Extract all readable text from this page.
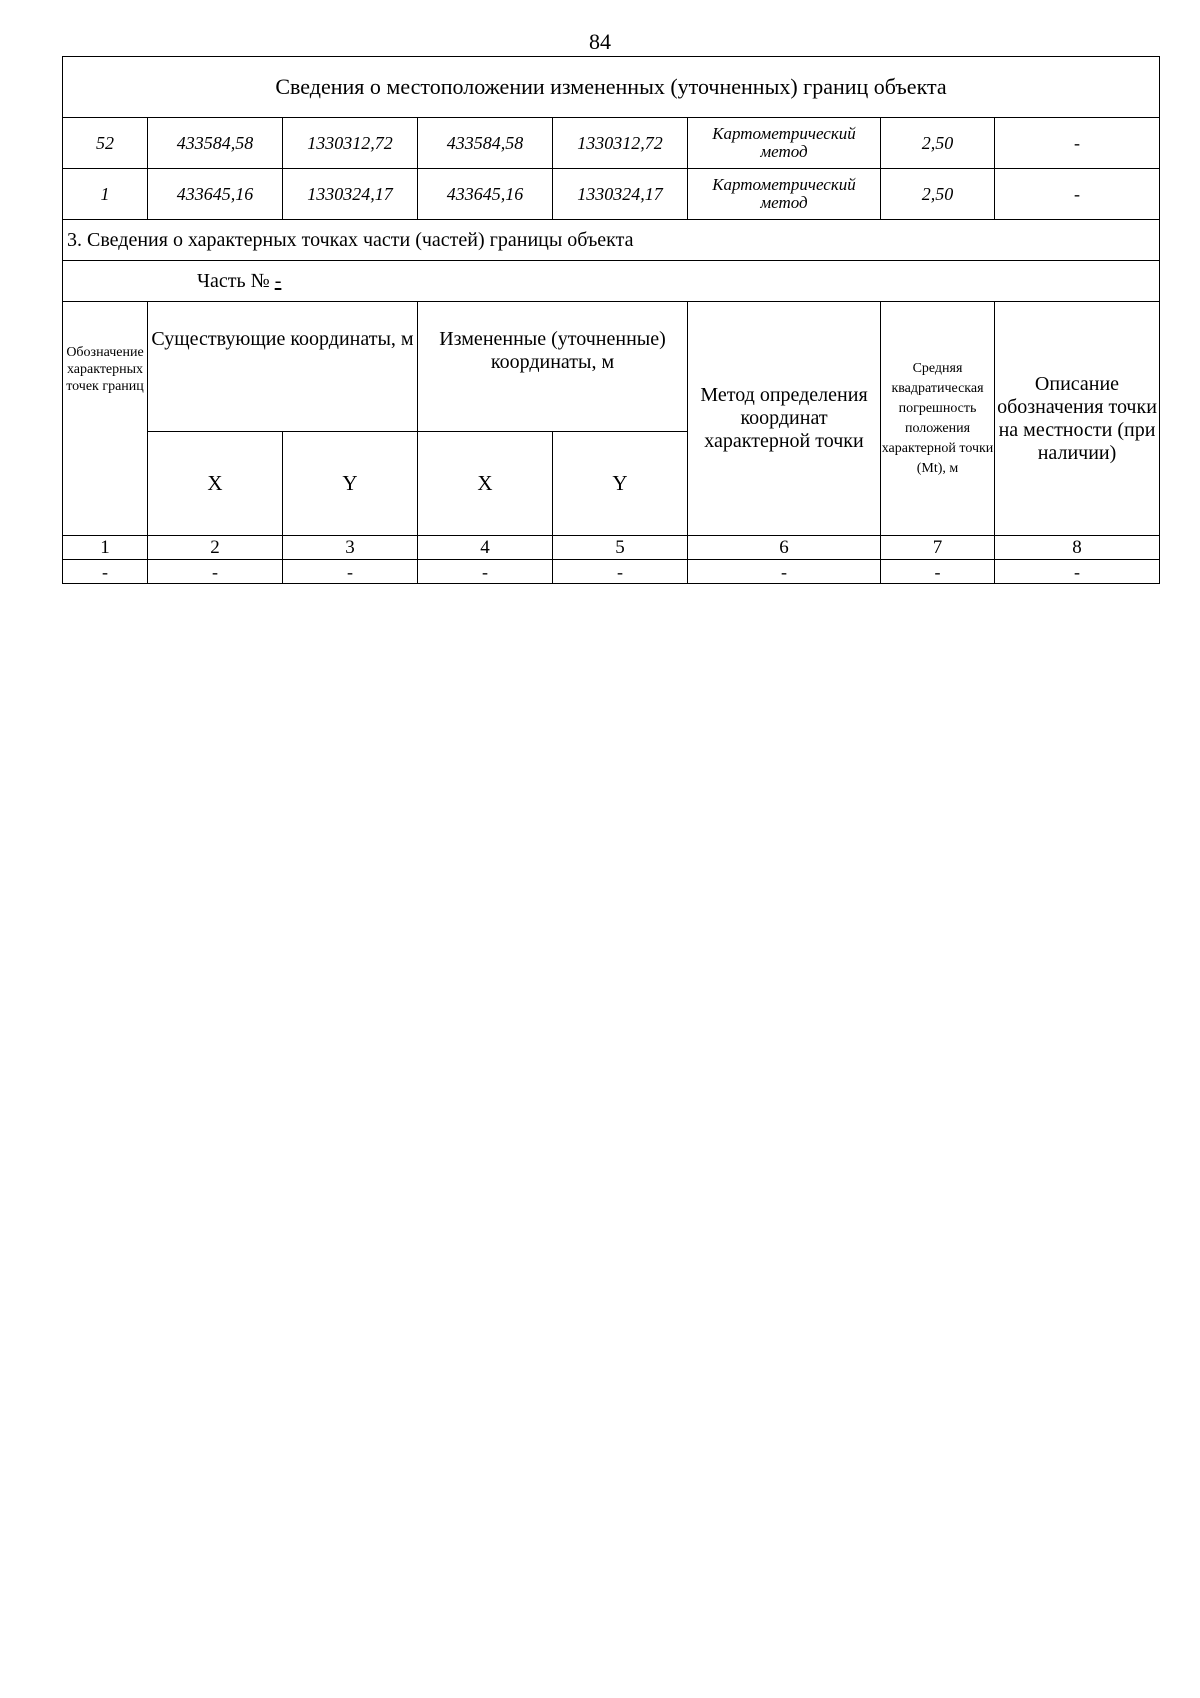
84
Сведения о местоположении измененных (уточненных) границ объекта							
52	433584,58	1330312,72	433584,58	1330312,72	Картометрический метод	2,50	-
1	433645,16	1330324,17	433645,16	1330324,17	Картометрический метод	2,50	-
3. Сведения о характерных точках части (частей) границы объекта							
Часть № -							
Обозначение характерных точек границ	Существующие координаты, м		Измененные (уточненные) координаты, м		Метод определения координат характерной точки	Средняя квадратическая погрешность положения характерной точки (Mt), м	Описание обозначения точки на местности (при наличии)
	X	Y	X	Y			
1	2	3	4	5	6	7	8
-	-	-	-	-	-	-	-
